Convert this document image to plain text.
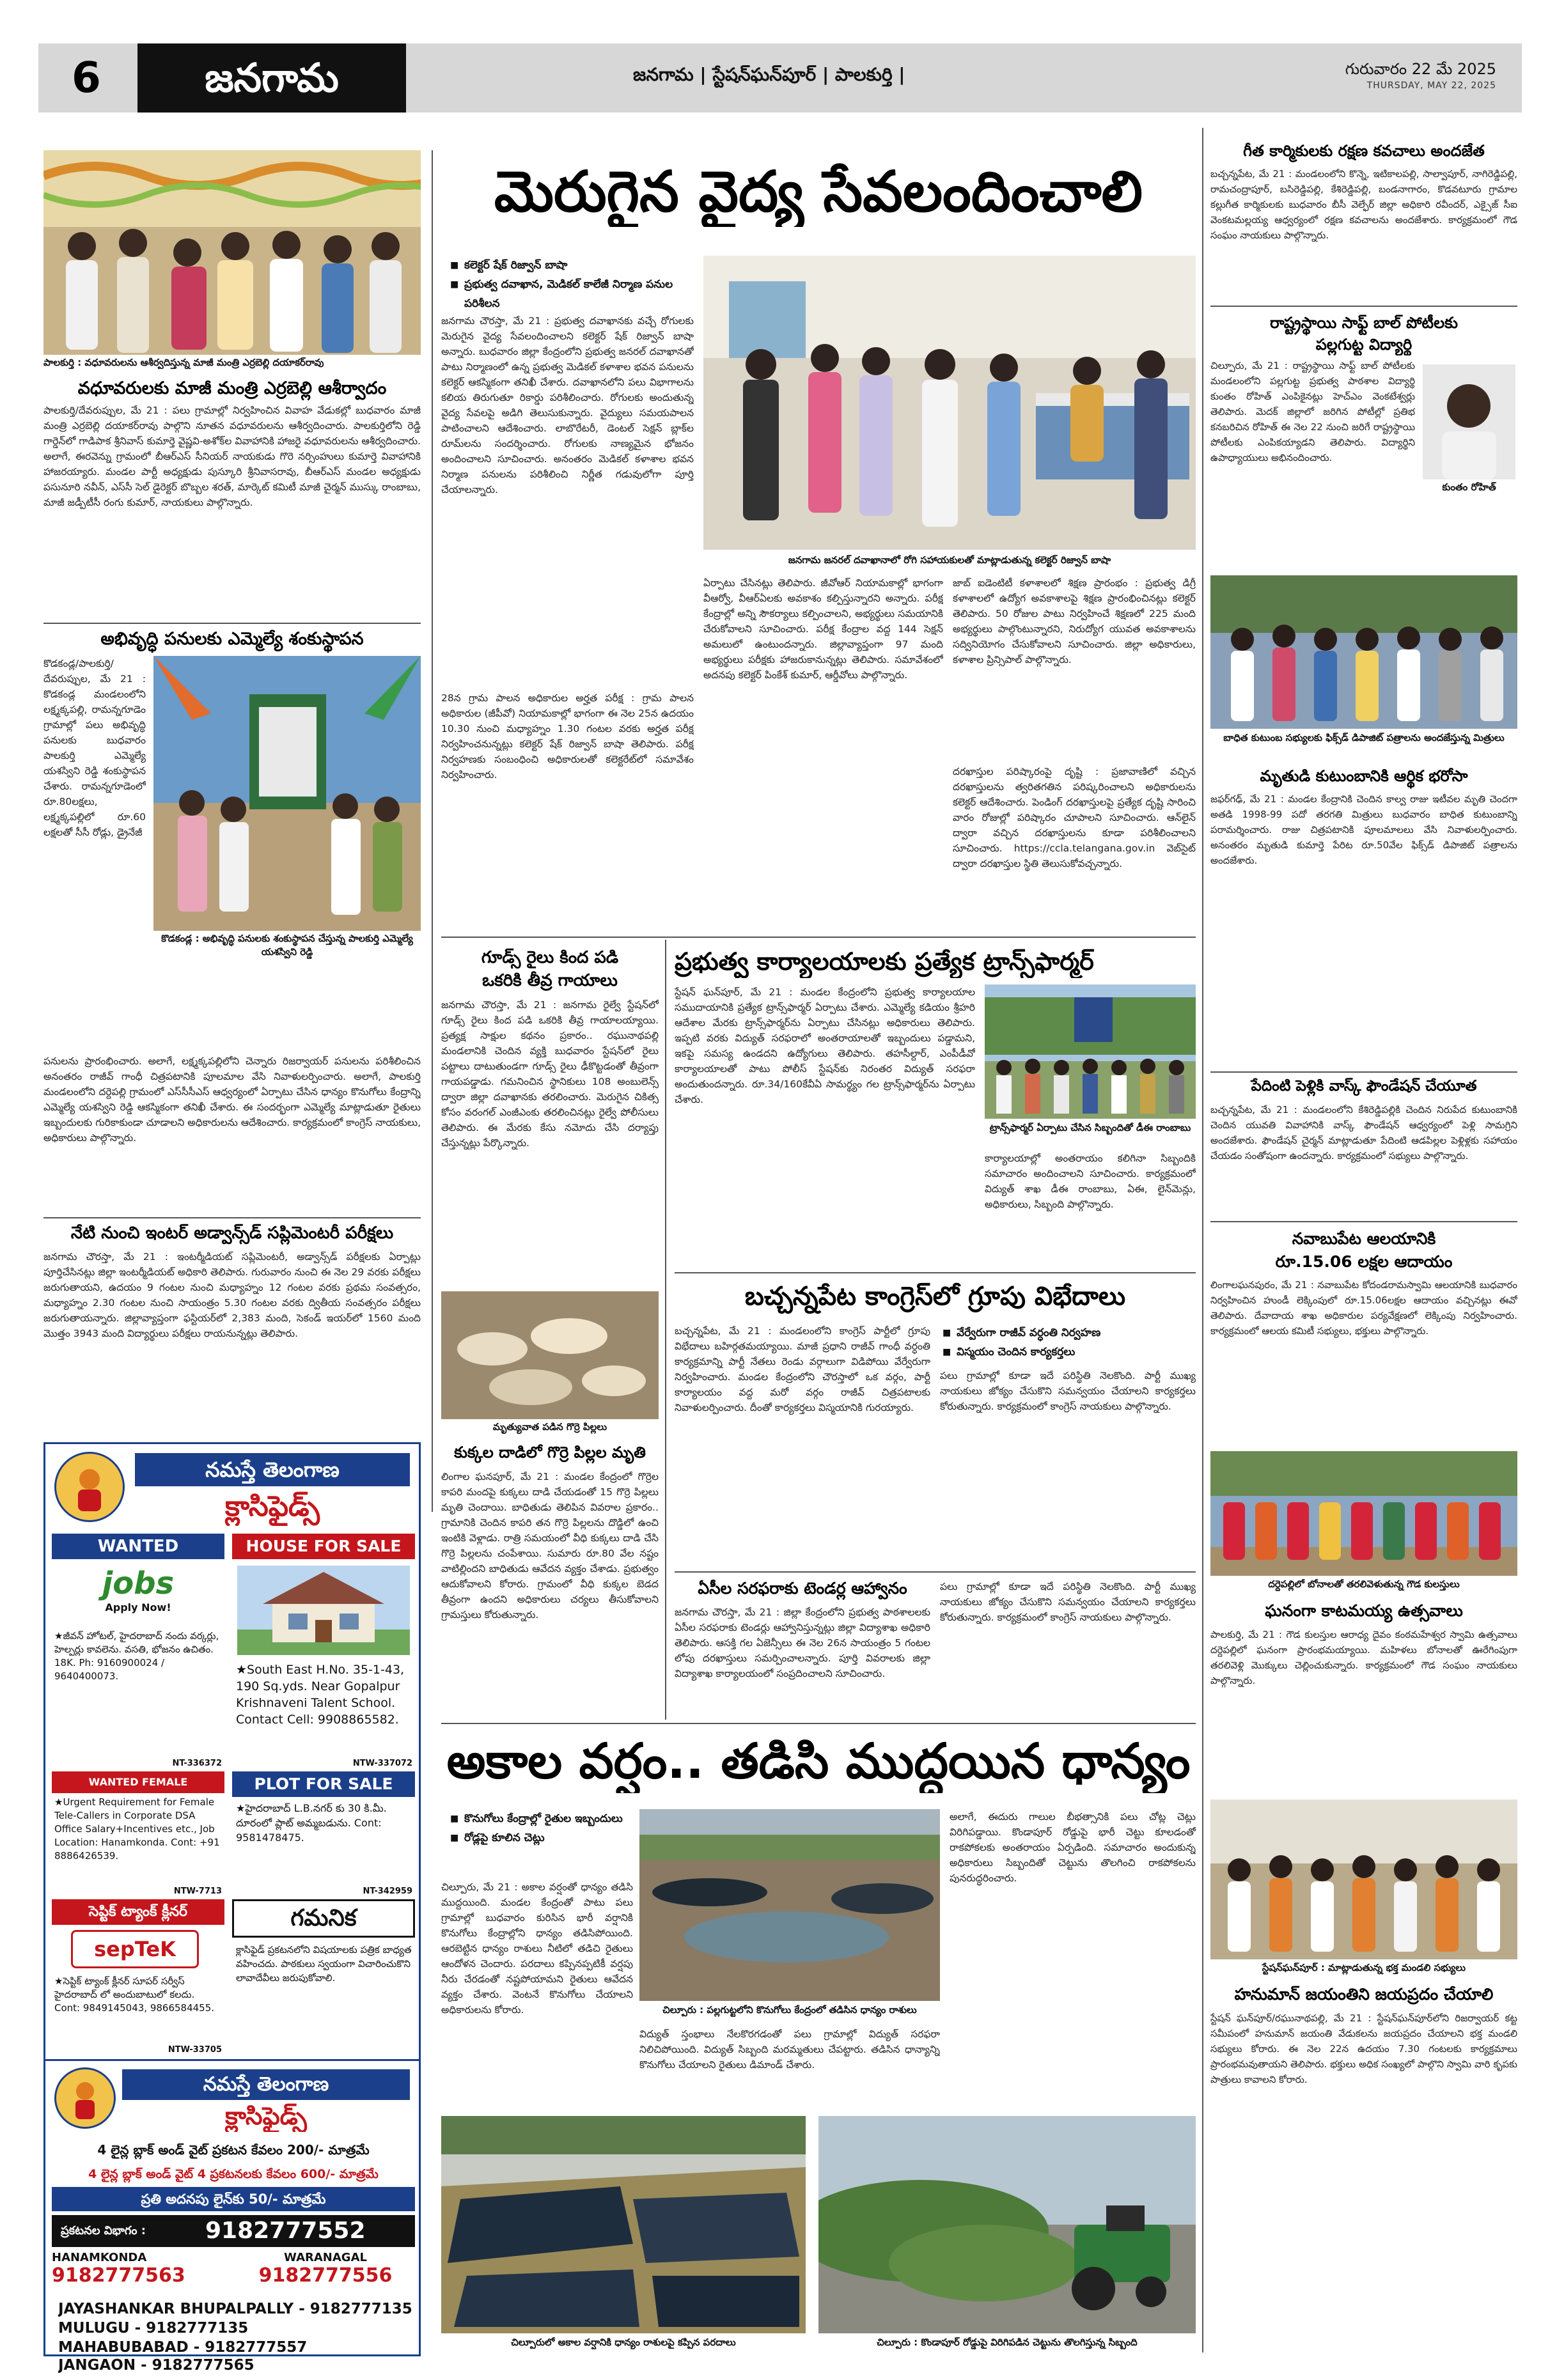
6	జనగామ	జనగామ | స్టేషన్‌ఘన్‌పూర్ | పాలకుర్తి |	గురువారం 22 మే 2025
THURSDAY, MAY 22, 2025
పాలకుర్తి : వధూవరులను ఆశీర్వదిస్తున్న మాజీ మంత్రి ఎర్రబెల్లి దయాకర్‌రావు
వధూవరులకు మాజీ మంత్రి ఎర్రబెల్లి ఆశీర్వాదం
పాలకుర్తి/దేవరుప్పుల, మే 21 : పలు గ్రామాల్లో నిర్వహించిన వివాహ వేడుకల్లో బుధవారం మాజీ మంత్రి ఎర్రబెల్లి దయాకర్‌రావు పాల్గొని నూతన వధూవరులను ఆశీర్వదించారు. పాలకుర్తిలోని రెడ్డి గార్డెన్‌లో గాడిపాక శ్రీనివాస్ కుమార్తె వైష్ణవి-అశోక్‌ల వివాహానికి హాజరై వధూవరులను ఆశీర్వదించారు. అలాగే, ఈరవెన్ను గ్రామంలో బీఆర్ఎస్ సీనియర్ నాయకుడు గొరె నర్సింహులు కుమార్తె వివాహానికి హాజరయ్యారు. మండల పార్టీ అధ్యక్షుడు పుస్కూరి శ్రీనివాసరావు, బీఆర్ఎస్ మండల అధ్యక్షుడు పసునూరి నవీన్, ఎస్‌సీ సెల్ డైరెక్టర్ బొబ్బల శరత్, మార్కెట్ కమిటీ మాజీ చైర్మన్ ముస్కు రాంబాబు, మాజీ జడ్పీటీసీ రంగు కుమార్, నాయకులు పాల్గొన్నారు.
అభివృద్ధి పనులకు ఎమ్మెల్యే శంకుస్థాపన
కొడకండ్ల/పాలకుర్తి/దేవరుప్పుల, మే 21 : కొడకండ్ల మండలంలోని లక్ష్మక్కపల్లి, రామన్నగూడెం గ్రామాల్లో పలు అభివృద్ధి పనులకు బుధవారం పాలకుర్తి ఎమ్మెల్యే యశస్విని రెడ్డి శంకుస్థాపన చేశారు. రామన్నగూడెంలో రూ.80లక్షలు, లక్ష్మక్కపల్లిలో రూ.60 లక్షలతో సీసీ రోడ్లు, డ్రైనేజీ
కొడకండ్ల : అభివృద్ధి పనులకు శంకుస్థాపన చేస్తున్న పాలకుర్తి ఎమ్మెల్యే యశస్విని రెడ్డి
పనులను ప్రారంభించారు. అలాగే, లక్ష్మక్కపల్లిలోని చెన్నారు రిజర్వాయర్ పనులను పరిశీలించిన అనంతరం రాజీవ్ గాంధీ చిత్రపటానికి పూలమాల వేసి నివాళులర్పించారు. అలాగే, పాలకుర్తి మండలంలోని దర్దెపల్లి గ్రామంలో ఎస్‌సీసీఎస్ ఆధ్వర్యంలో ఏర్పాటు చేసిన ధాన్యం కొనుగోలు కేంద్రాన్ని ఎమ్మెల్యే యశస్విని రెడ్డి ఆకస్మికంగా తనిఖీ చేశారు. ఈ సందర్భంగా ఎమ్మెల్యే మాట్లాడుతూ రైతులు ఇబ్బందులకు గురికాకుండా చూడాలని అధికారులను ఆదేశించారు. కార్యక్రమంలో కాంగ్రెస్ నాయకులు, అధికారులు పాల్గొన్నారు.
నేటి నుంచి ఇంటర్ అడ్వాన్స్‌డ్ సప్లిమెంటరీ పరీక్షలు
జనగామ చౌరస్తా, మే 21 : ఇంటర్మీడియట్ సప్లిమెంటరీ, అడ్వాన్స్‌డ్ పరీక్షలకు ఏర్పాట్లు పూర్తిచేసినట్లు జిల్లా ఇంటర్మీడియట్ అధికారి తెలిపారు. గురువారం నుంచి ఈ నెల 29 వరకు పరీక్షలు జరుగుతాయని, ఉదయం 9 గంటల నుంచి మధ్యాహ్నం 12 గంటల వరకు ప్రథమ సంవత్సరం, మధ్యాహ్నం 2.30 గంటల నుంచి సాయంత్రం 5.30 గంటల వరకు ద్వితీయ సంవత్సరం పరీక్షలు జరుగుతాయన్నారు. జిల్లావ్యాప్తంగా ఫస్టియర్‌లో 2,383 మంది, సెకండ్ ఇయర్‌లో 1560 మంది మొత్తం 3943 మంది విద్యార్థులు పరీక్షలు రాయనున్నట్లు తెలిపారు.
నమస్తే తెలంగాణ
క్లాసిఫైడ్స్
WANTED
jobs
Apply Now!
★జీవన్ హోటల్, హైదరాబాద్ నందు వర్కర్లు, హెల్పర్లు కావలెను. వసతి, భోజనం ఉచితం. 18K. Ph: 9160900024 / 9640400073.
NT-336372
HOUSE FOR SALE
★South East H.No. 35-1-43, 190 Sq.yds. Near Gopalpur Krishnaveni Talent School. Contact Cell: 9908865582.
NTW-337072
WANTED FEMALE
★Urgent Requirement for Female Tele-Callers in Corporate DSA Office Salary+Incentives etc., Job Location: Hanamkonda. Cont: +91 8886426539.
NTW-7713
PLOT FOR SALE
★హైదరాబాద్ L.B.నగర్ కు 30 కి.మీ. దూరంలో ప్లాట్ అమ్మబడును. Cont: 9581478475.
NT-342959
సెప్టిక్ ట్యాంక్ క్లీనర్
sepTeK
★సెప్టిక్ ట్యాంక్ క్లీనర్ సూపర్ సర్వీస్ హైదరాబాద్ లో అందుబాటులో కలదు. Cont: 9849145043, 9866584455.
NTW-33705
గమనిక
క్లాసిఫైడ్ ప్రకటనలోని విషయాలకు పత్రిక బాధ్యత వహించదు. పాఠకులు స్వయంగా విచారించుకొని లావాదేవీలు జరుపుకోవాలి.
నమస్తే తెలంగాణ
క్లాసిఫైడ్స్
4 లైన్ల బ్లాక్ అండ్ వైట్ ప్రకటన కేవలం 200/- మాత్రమే
4 లైన్ల బ్లాక్ అండ్ వైట్ 4 ప్రకటనలకు కేవలం 600/- మాత్రమే
ప్రతి అదనపు లైన్‌కు 50/- మాత్రమే
ప్రకటనల విభాగం :	9182777552
HANAMKONDA
9182777563
WARANAGAL
9182777556
JAYASHANKAR BHUPALPALLY - 9182777135
MULUGU - 9182777135
MAHABUBABAD - 9182777557
JANGAON - 9182777565
మెరుగైన వైద్య సేవలందించాలి
■ కలెక్టర్ షేక్ రిజ్వాన్ బాషా
■ ప్రభుత్వ దవాఖాన, మెడికల్ కాలేజీ నిర్మాణ పనుల పరిశీలన
జనగామ జనరల్ దవాఖానాలో రోగి సహాయకులతో మాట్లాడుతున్న కలెక్టర్ రిజ్వాన్ బాషా
జనగామ చౌరస్తా, మే 21 : ప్రభుత్వ దవాఖానకు వచ్చే రోగులకు మెరుగైన వైద్య సేవలందించాలని కలెక్టర్ షేక్ రిజ్వాన్ బాషా అన్నారు. బుధవారం జిల్లా కేంద్రంలోని ప్రభుత్వ జనరల్ దవాఖానతో పాటు నిర్మాణంలో ఉన్న ప్రభుత్వ మెడికల్ కళాశాల భవన పనులను కలెక్టర్ ఆకస్మికంగా తనిఖీ చేశారు. దవాఖానలోని పలు విభాగాలను కలియ తిరుగుతూ రికార్డు పరిశీలించారు. రోగులకు అందుతున్న వైద్య సేవలపై అడిగి తెలుసుకున్నారు. వైద్యులు సమయపాలన పాటించాలని ఆదేశించారు. లాబొరేటరీ, డెంటల్ సెక్షన్ బ్లాక్‌ల రూమ్‌లను సందర్శించారు. రోగులకు నాణ్యమైన భోజనం అందించాలని సూచించారు. అనంతరం మెడికల్ కళాశాల భవన నిర్మాణ పనులను పరిశీలించి నిర్ణీత గడువులోగా పూర్తి చేయాలన్నారు.
28న గ్రామ పాలన అధికారుల అర్హత పరీక్ష : గ్రామ పాలన అధికారుల (జీపీవో) నియామకాల్లో భాగంగా ఈ నెల 25న ఉదయం 10.30 నుంచి మధ్యాహ్నం 1.30 గంటల వరకు అర్హత పరీక్ష నిర్వహించనున్నట్లు కలెక్టర్ షేక్ రిజ్వాన్ బాషా తెలిపారు. పరీక్ష నిర్వహణకు సంబంధించి అధికారులతో కలెక్టరేట్‌లో సమావేశం నిర్వహించారు.
ఏర్పాటు చేసినట్లు తెలిపారు. జీవోఆర్ నియామకాల్లో భాగంగా వీఆర్వో, వీఆర్ఏలకు అవకాశం కల్పిస్తున్నారని అన్నారు. పరీక్ష కేంద్రాల్లో అన్ని సౌకర్యాలు కల్పించాలని, అభ్యర్థులు సమయానికి చేరుకోవాలని సూచించారు. పరీక్ష కేంద్రాల వద్ద 144 సెక్షన్ అమలులో ఉంటుందన్నారు. జిల్లావ్యాప్తంగా 97 మంది అభ్యర్థులు పరీక్షకు హాజరుకానున్నట్లు తెలిపారు. సమావేశంలో అదనపు కలెక్టర్ పింకేశ్ కుమార్, ఆర్డీవోలు పాల్గొన్నారు.
జాబ్ ఐడెంటిటీ కళాశాలలో శిక్షణ ప్రారంభం : ప్రభుత్వ డిగ్రీ కళాశాలలో ఉద్యోగ అవకాశాలపై శిక్షణ ప్రారంభించినట్లు కలెక్టర్ తెలిపారు. 50 రోజుల పాటు నిర్వహించే శిక్షణలో 225 మంది అభ్యర్థులు పాల్గొంటున్నారని, నిరుద్యోగ యువత అవకాశాలను సద్వినియోగం చేసుకోవాలని సూచించారు. జిల్లా అధికారులు, కళాశాల ప్రిన్సిపాల్ పాల్గొన్నారు.
దరఖాస్తుల పరిష్కారంపై దృష్టి : ప్రజావాణిలో వచ్చిన దరఖాస్తులను త్వరితగతిన పరిష్కరించాలని అధికారులను కలెక్టర్ ఆదేశించారు. పెండింగ్ దరఖాస్తులపై ప్రత్యేక దృష్టి సారించి వారం రోజుల్లో పరిష్కారం చూపాలని సూచించారు. ఆన్‌లైన్ ద్వారా వచ్చిన దరఖాస్తులను కూడా పరిశీలించాలని సూచించారు. https://ccla.telangana.gov.in వెబ్‌సైట్ ద్వారా దరఖాస్తుల స్థితి తెలుసుకోవచ్చన్నారు.
గూడ్స్ రైలు కింద పడి
ఒకరికి తీవ్ర గాయాలు
జనగామ చౌరస్తా, మే 21 : జనగామ రైల్వే స్టేషన్‌లో గూడ్స్ రైలు కింద పడి ఒకరికి తీవ్ర గాయాలయ్యాయి. ప్రత్యక్ష సాక్షుల కథనం ప్రకారం.. రఘునాథపల్లి మండలానికి చెందిన వ్యక్తి బుధవారం స్టేషన్‌లో రైలు పట్టాలు దాటుతుండగా గూడ్స్ రైలు ఢీకొట్టడంతో తీవ్రంగా గాయపడ్డాడు. గమనించిన స్థానికులు 108 అంబులెన్స్ ద్వారా జిల్లా దవాఖానకు తరలించారు. మెరుగైన చికిత్స కోసం వరంగల్ ఎంజీఎంకు తరలించినట్లు రైల్వే పోలీసులు తెలిపారు. ఈ మేరకు కేసు నమోదు చేసి దర్యాప్తు చేస్తున్నట్లు పేర్కొన్నారు.
మృత్యువాత పడిన గొర్రె పిల్లలు
కుక్కల దాడిలో గొర్రె పిల్లల మృతి
లింగాల ఘనపూర్, మే 21 : మండల కేంద్రంలో గొర్రెల కాపరి మందపై కుక్కలు దాడి చేయడంతో 15 గొర్రె పిల్లలు మృతి చెందాయి. బాధితుడు తెలిపిన వివరాల ప్రకారం.. గ్రామానికి చెందిన కాపరి తన గొర్రె పిల్లలను దొడ్డిలో ఉంచి ఇంటికి వెళ్లాడు. రాత్రి సమయంలో వీధి కుక్కలు దాడి చేసి గొర్రె పిల్లలను చంపేశాయి. సుమారు రూ.80 వేల నష్టం వాటిల్లిందని బాధితుడు ఆవేదన వ్యక్తం చేశాడు. ప్రభుత్వం ఆదుకోవాలని కోరారు. గ్రామంలో వీధి కుక్కల బెడద తీవ్రంగా ఉందని అధికారులు చర్యలు తీసుకోవాలని గ్రామస్తులు కోరుతున్నారు.
ప్రభుత్వ కార్యాలయాలకు ప్రత్యేక ట్రాన్స్‌ఫార్మర్
స్టేషన్ ఘన్‌పూర్, మే 21 : మండల కేంద్రంలోని ప్రభుత్వ కార్యాలయాల సముదాయానికి ప్రత్యేక ట్రాన్స్‌ఫార్మర్ ఏర్పాటు చేశారు. ఎమ్మెల్యే కడియం శ్రీహరి ఆదేశాల మేరకు ట్రాన్స్‌ఫార్మర్‌ను ఏర్పాటు చేసినట్లు అధికారులు తెలిపారు. ఇప్పటి వరకు విద్యుత్ సరఫరాలో అంతరాయాలతో ఇబ్బందులు పడ్డామని, ఇకపై సమస్య ఉండదని ఉద్యోగులు తెలిపారు. తహసీల్దార్, ఎంపీడీవో కార్యాలయాలతో పాటు పోలీస్ స్టేషన్‌కు నిరంతర విద్యుత్ సరఫరా అందుతుందన్నారు. రూ.34/160కేవీఏ సామర్థ్యం గల ట్రాన్స్‌ఫార్మర్‌ను ఏర్పాటు చేశారు.
ట్రాన్స్‌ఫార్మర్ ఏర్పాటు చేసిన సిబ్బందితో డీఈ రాంబాబు
కార్యాలయాల్లో అంతరాయం కలిగినా సిబ్బందికి సమాచారం అందించాలని సూచించారు. కార్యక్రమంలో విద్యుత్ శాఖ డీఈ రాంబాబు, ఏఈ, లైన్‌మెన్లు, అధికారులు, సిబ్బంది పాల్గొన్నారు.
బచ్చన్నపేట కాంగ్రెస్‌లో గ్రూపు విభేదాలు
బచ్చన్నపేట, మే 21 : మండలంలోని కాంగ్రెస్ పార్టీలో గ్రూపు విభేదాలు బహిర్గతమయ్యాయి. మాజీ ప్రధాని రాజీవ్ గాంధీ వర్ధంతి కార్యక్రమాన్ని పార్టీ నేతలు రెండు వర్గాలుగా విడిపోయి వేర్వేరుగా నిర్వహించారు. మండల కేంద్రంలోని చౌరస్తాలో ఒక వర్గం, పార్టీ కార్యాలయం వద్ద మరో వర్గం రాజీవ్ చిత్రపటాలకు నివాళులర్పించారు. దీంతో కార్యకర్తలు విస్మయానికి గురయ్యారు.
■ వేర్వేరుగా రాజీవ్ వర్ధంతి నిర్వహణ
■ విస్మయం చెందిన కార్యకర్తలు
పలు గ్రామాల్లో కూడా ఇదే పరిస్థితి నెలకొంది. పార్టీ ముఖ్య నాయకులు జోక్యం చేసుకొని సమన్వయం చేయాలని కార్యకర్తలు కోరుతున్నారు. కార్యక్రమంలో కాంగ్రెస్ నాయకులు పాల్గొన్నారు.
ఏసీల సరఫరాకు టెండర్ల ఆహ్వానం
జనగామ చౌరస్తా, మే 21 : జిల్లా కేంద్రంలోని ప్రభుత్వ పాఠశాలలకు ఏసీల సరఫరాకు టెండర్లు ఆహ్వానిస్తున్నట్లు జిల్లా విద్యాశాఖ అధికారి తెలిపారు. ఆసక్తి గల ఏజెన్సీలు ఈ నెల 26న సాయంత్రం 5 గంటల లోపు దరఖాస్తులు సమర్పించాలన్నారు. పూర్తి వివరాలకు జిల్లా విద్యాశాఖ కార్యాలయంలో సంప్రదించాలని సూచించారు.
పలు గ్రామాల్లో కూడా ఇదే పరిస్థితి నెలకొంది. పార్టీ ముఖ్య నాయకులు జోక్యం చేసుకొని సమన్వయం చేయాలని కార్యకర్తలు కోరుతున్నారు. కార్యక్రమంలో కాంగ్రెస్ నాయకులు పాల్గొన్నారు.
అకాల వర్షం.. తడిసి ముద్దయిన ధాన్యం
■ కొనుగోలు కేంద్రాల్లో రైతుల ఇబ్బందులు
■ రోడ్లపై కూలిన చెట్లు
చిల్పూరు, మే 21 : అకాల వర్షంతో ధాన్యం తడిసి ముద్దయింది. మండల కేంద్రంతో పాటు పలు గ్రామాల్లో బుధవారం కురిసిన భారీ వర్షానికి కొనుగోలు కేంద్రాల్లోని ధాన్యం తడిసిపోయింది. ఆరబెట్టిన ధాన్యం రాశులు నీటిలో తడిచి రైతులు ఆందోళన చెందారు. పరదాలు కప్పినప్పటికీ వర్షపు నీరు చేరడంతో నష్టపోయామని రైతులు ఆవేదన వ్యక్తం చేశారు. వెంటనే కొనుగోలు చేయాలని అధికారులను కోరారు.	చిల్పూరు : పల్లగుట్టలోని కొనుగోలు కేంద్రంలో తడిసిన ధాన్యం రాశులు
అలాగే, ఈదురు గాలుల బీభత్సానికి పలు చోట్ల చెట్లు విరిగిపడ్డాయి. కొండాపూర్ రోడ్డుపై భారీ చెట్టు కూలడంతో రాకపోకలకు అంతరాయం ఏర్పడింది. సమాచారం అందుకున్న అధికారులు సిబ్బందితో చెట్టును తొలగించి రాకపోకలను పునరుద్ధరించారు.
విద్యుత్ స్తంభాలు నేలకొరగడంతో పలు గ్రామాల్లో విద్యుత్ సరఫరా నిలిచిపోయింది. విద్యుత్ సిబ్బంది మరమ్మతులు చేపట్టారు. తడిసిన ధాన్యాన్ని కొనుగోలు చేయాలని రైతులు డిమాండ్ చేశారు.
చిల్పూరులో అకాల వర్షానికి ధాన్యం రాశులపై కప్పిన పరదాలు	చిల్పూరు : కొండాపూర్ రోడ్డుపై విరిగిపడిన చెట్టును తొలగిస్తున్న సిబ్బంది
గీత కార్మికులకు రక్షణ కవచాలు అందజేత
బచ్చన్నపేట, మే 21 : మండలంలోని కొన్నె, ఇటికాలపల్లి, సాల్వాపూర్, నాగిరెడ్డిపల్లి, రామచంద్రాపూర్, బసిరెడ్డిపల్లి, కేశిరెడ్డిపల్లి, బండనాగారం, కొడవటూరు గ్రామాల కల్లుగీత కార్మికులకు బుధవారం బీసీ వెల్ఫేర్ జిల్లా అధికారి రవీందర్, ఎక్సైజ్ సీఐ వెంకటమల్లయ్య ఆధ్వర్యంలో రక్షణ కవచాలను అందజేశారు. కార్యక్రమంలో గౌడ సంఘం నాయకులు పాల్గొన్నారు.
రాష్ట్రస్థాయి సాఫ్ట్ బాల్ పోటీలకు
పల్లగుట్ట విద్యార్థి
చిల్పూరు, మే 21 : రాష్ట్రస్థాయి సాఫ్ట్ బాల్ పోటీలకు మండలంలోని పల్లగుట్ట ప్రభుత్వ పాఠశాల విద్యార్థి కుంతం రోహిత్ ఎంపికైనట్లు హెచ్‌ఎం వెంకటేశ్వర్లు తెలిపారు. మెదక్ జిల్లాలో జరిగిన పోటీల్లో ప్రతిభ కనబరిచిన రోహిత్ ఈ నెల 22 నుంచి జరిగే రాష్ట్రస్థాయి పోటీలకు ఎంపికయ్యాడని తెలిపారు. విద్యార్థిని ఉపాధ్యాయులు అభినందించారు.
కుంతం రోహిత్
బాధిత కుటుంబ సభ్యులకు ఫిక్స్‌డ్ డిపాజిట్ పత్రాలను అందజేస్తున్న మిత్రులు
మృతుడి కుటుంబానికి ఆర్థిక భరోసా
జఫర్‌గఢ్, మే 21 : మండల కేంద్రానికి చెందిన కాల్వ రాజు ఇటీవల మృతి చెందగా అతడి 1998-99 పదో తరగతి మిత్రులు బుధవారం బాధిత కుటుంబాన్ని పరామర్శించారు. రాజు చిత్రపటానికి పూలమాలలు వేసి నివాళులర్పించారు. అనంతరం మృతుడి కుమార్తె పేరిట రూ.50వేల ఫిక్స్‌డ్ డిపాజిట్ పత్రాలను అందజేశారు.
పేదింటి పెళ్లికి వాస్క్ ఫౌండేషన్ చేయూత
బచ్చన్నపేట, మే 21 : మండలంలోని కేశిరెడ్డిపల్లికి చెందిన నిరుపేద కుటుంబానికి చెందిన యువతి వివాహానికి వాస్క్ ఫౌండేషన్ ఆధ్వర్యంలో పెళ్లి సామగ్రిని అందజేశారు. ఫౌండేషన్ చైర్మన్ మాట్లాడుతూ పేదింటి ఆడపిల్లల పెళ్లిళ్లకు సహాయం చేయడం సంతోషంగా ఉందన్నారు. కార్యక్రమంలో సభ్యులు పాల్గొన్నారు.
నవాబుపేట ఆలయానికి
రూ.15.06 లక్షల ఆదాయం
లింగాలఘనపురం, మే 21 : నవాబుపేట కోదండరామస్వామి ఆలయానికి బుధవారం నిర్వహించిన హుండీ లెక్కింపులో రూ.15.06లక్షల ఆదాయం వచ్చినట్లు ఈవో తెలిపారు. దేవాదాయ శాఖ అధికారుల పర్యవేక్షణలో లెక్కింపు నిర్వహించారు. కార్యక్రమంలో ఆలయ కమిటీ సభ్యులు, భక్తులు పాల్గొన్నారు.
దర్దెపల్లిలో బోనాలతో తరలివెళుతున్న గౌడ కులస్తులు
ఘనంగా కాటమయ్య ఉత్సవాలు
పాలకుర్తి, మే 21 : గౌడ కులస్తుల ఆరాధ్య దైవం కంఠమహేశ్వర స్వామి ఉత్సవాలు దర్దెపల్లిలో ఘనంగా ప్రారంభమయ్యాయి. మహిళలు బోనాలతో ఊరేగింపుగా తరలివెళ్లి మొక్కులు చెల్లించుకున్నారు. కార్యక్రమంలో గౌడ సంఘం నాయకులు పాల్గొన్నారు.
స్టేషన్‌ఘన్‌పూర్ : మాట్లాడుతున్న భక్త మండలి సభ్యులు
హనుమాన్ జయంతిని జయప్రదం చేయాలి
స్టేషన్ ఘన్‌పూర్/రఘునాథపల్లి, మే 21 : స్టేషన్‌ఘన్‌పూర్‌లోని రిజర్వాయర్ కట్ట సమీపంలో హనుమాన్ జయంతి వేడుకలను జయప్రదం చేయాలని భక్త మండలి సభ్యులు కోరారు. ఈ నెల 22న ఉదయం 7.30 గంటలకు కార్యక్రమాలు ప్రారంభమవుతాయని తెలిపారు. భక్తులు అధిక సంఖ్యలో పాల్గొని స్వామి వారి కృపకు పాత్రులు కావాలని కోరారు.
